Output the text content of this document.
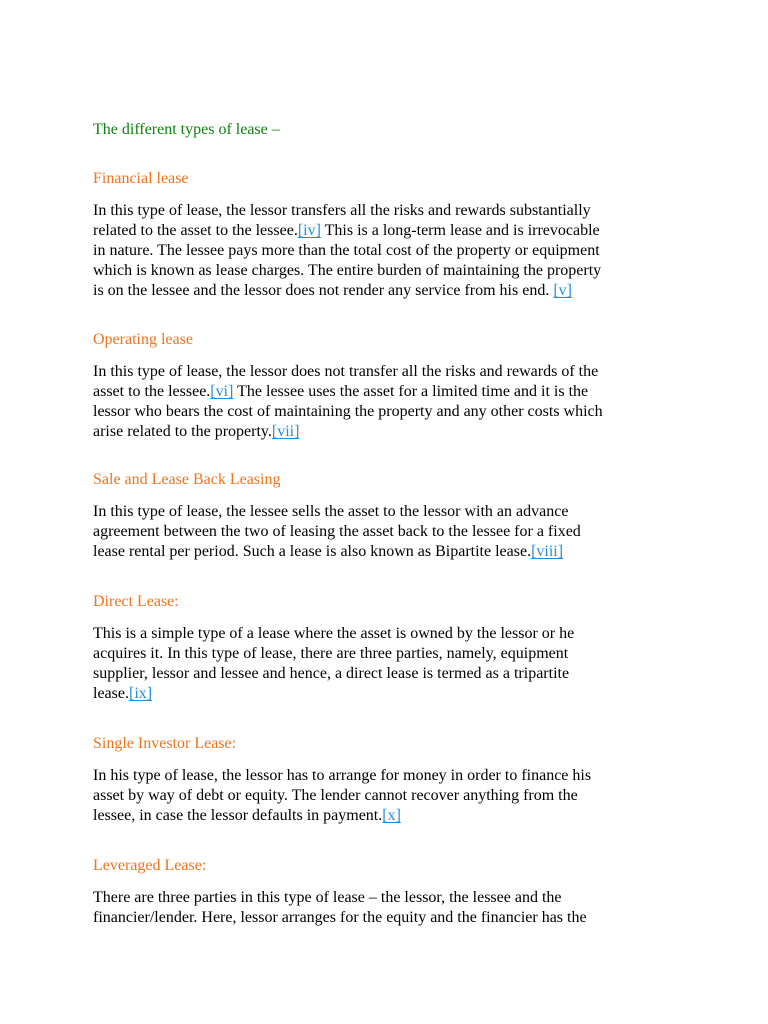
The different types of lease –
Financial lease
In this type of lease, the lessor transfers all the risks and rewards substantially
related to the asset to the lessee.[iv] This is a long-term lease and is irrevocable
in nature. The lessee pays more than the total cost of the property or equipment
which is known as lease charges. The entire burden of maintaining the property
is on the lessee and the lessor does not render any service from his end. [v]
Operating lease
In this type of lease, the lessor does not transfer all the risks and rewards of the
asset to the lessee.[vi] The lessee uses the asset for a limited time and it is the
lessor who bears the cost of maintaining the property and any other costs which
arise related to the property.[vii]
Sale and Lease Back Leasing
In this type of lease, the lessee sells the asset to the lessor with an advance
agreement between the two of leasing the asset back to the lessee for a fixed
lease rental per period. Such a lease is also known as Bipartite lease.[viii]
Direct Lease:
This is a simple type of a lease where the asset is owned by the lessor or he
acquires it. In this type of lease, there are three parties, namely, equipment
supplier, lessor and lessee and hence, a direct lease is termed as a tripartite
lease.[ix]
Single Investor Lease:
In his type of lease, the lessor has to arrange for money in order to finance his
asset by way of debt or equity. The lender cannot recover anything from the
lessee, in case the lessor defaults in payment.[x]
Leveraged Lease:
There are three parties in this type of lease – the lessor, the lessee and the
financier/lender. Here, lessor arranges for the equity and the financier has the
